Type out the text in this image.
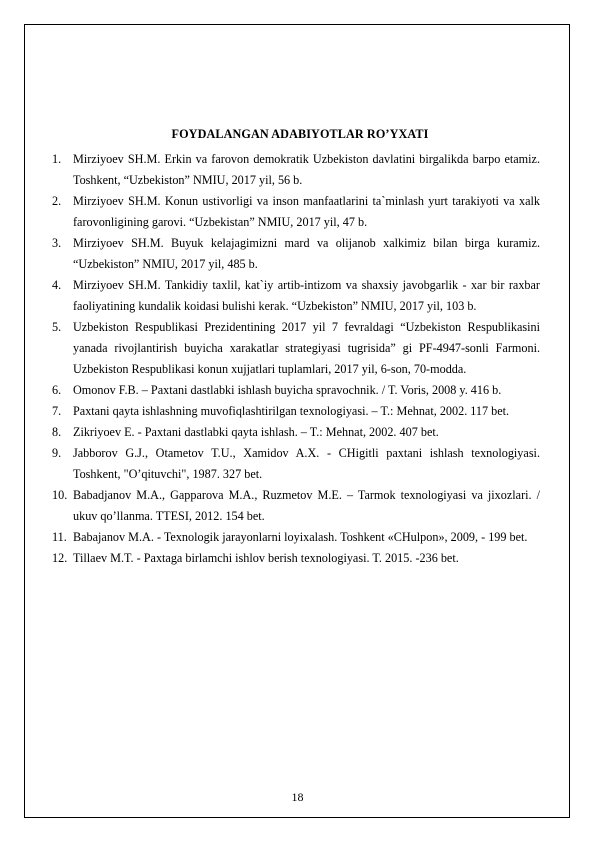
FOYDALANGAN ADABIYOTLAR RO’YXATI
1. Mirziyoev SH.M. Erkin va farovon demokratik Uzbekiston davlatini birgalikda barpo etamiz. Toshkent, “Uzbekiston” NMIU, 2017 yil, 56 b.
2. Mirziyoev SH.M. Konun ustivorligi va inson manfaatlarini ta`minlash yurt tarakiyoti va xalk farovonligining garovi. “Uzbekistan” NMIU, 2017 yil, 47 b.
3. Mirziyoev SH.M. Buyuk kelajagimizni mard va olijanob xalkimiz bilan birga kuramiz. “Uzbekiston” NMIU, 2017 yil, 485 b.
4. Mirziyoev SH.M. Tankidiy taxlil, kat`iy artib-intizom va shaxsiy javobgarlik - xar bir raxbar faoliyatining kundalik koidasi bulishi kerak. “Uzbekiston” NMIU, 2017 yil, 103 b.
5. Uzbekiston Respublikasi Prezidentining 2017 yil 7 fevraldagi “Uzbekiston Respublikasini yanada rivojlantirish buyicha xarakatlar strategiyasi tugrisida” gi PF-4947-sonli Farmoni. Uzbekiston Respublikasi konun xujjatlari tuplamlari, 2017 yil, 6-son, 70-modda.
6. Omonov F.B. – Paxtani dastlabki ishlash buyicha spravochnik. / T. Voris, 2008 y. 416 b.
7. Paxtani qayta ishlashning muvofiqlashtirilgan texnologiyasi. – T.: Mehnat, 2002. 117 bet.
8. Zikriyoev E. - Paxtani dastlabki qayta ishlash. – T.: Mehnat, 2002. 407 bet.
9. Jabborov G.J., Otametov T.U., Xamidov A.X. - CHigitli paxtani ishlash texnologiyasi. Toshkent, "O’qituvchi", 1987. 327 bet.
10. Babadjanov M.A., Gapparova M.A., Ruzmetov M.E. – Tarmok texnologiyasi va jixozlari. / ukuv qo’llanma. TTESI, 2012. 154 bet.
11. Babajanov M.A. - Texnologik jarayonlarni loyixalash. Toshkent «CHulpon», 2009, - 199 bet.
12. Tillaev M.T. - Paxtaga birlamchi ishlov berish texnologiyasi. T. 2015. -236 bet.
18
